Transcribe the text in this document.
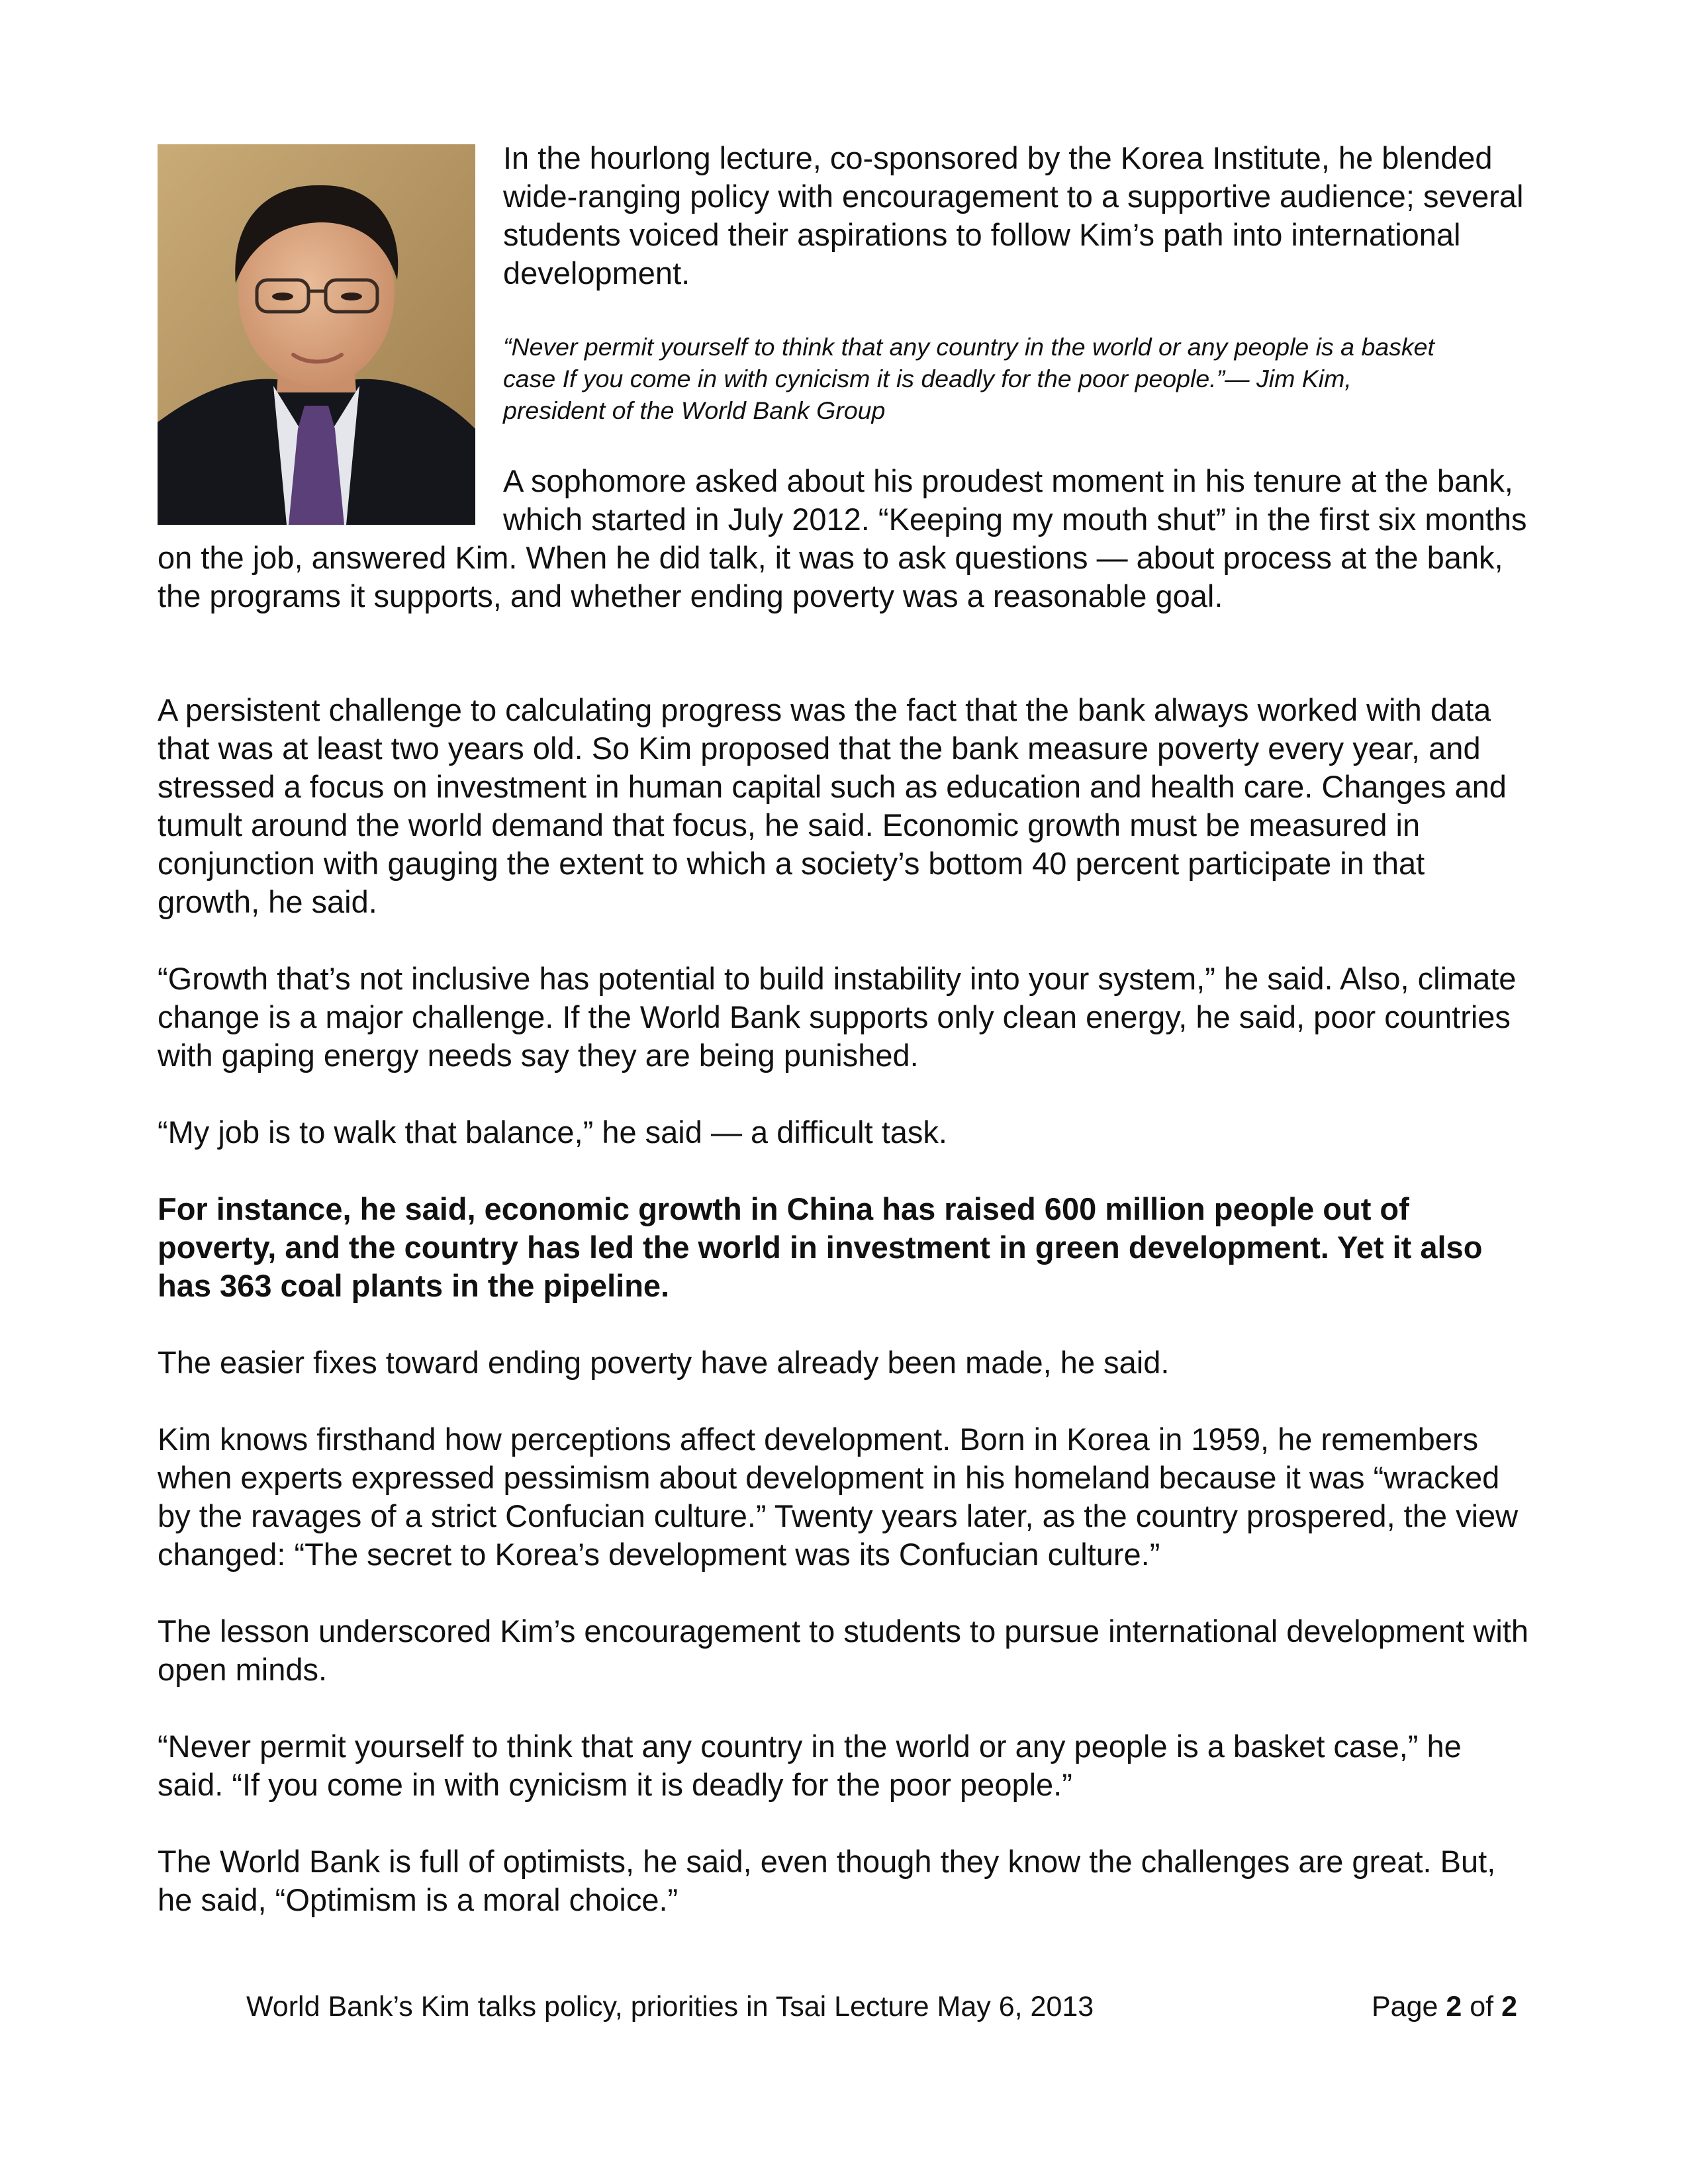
In the hourlong lecture, co-sponsored by the Korea Institute, he blended wide-ranging policy with encouragement to a supportive audience; several students voiced their aspirations to follow Kim’s path into international development.

“Never permit yourself to think that any country in the world or any people is a basket case If you come in with cynicism it is deadly for the poor people.”— Jim Kim, president of the World Bank Group

A sophomore asked about his proudest moment in his tenure at the bank, which started in July 2012. “Keeping my mouth shut” in the first six months on the job, answered Kim. When he did talk, it was to ask questions — about process at the bank, the programs it supports, and whether ending poverty was a reasonable goal.

A persistent challenge to calculating progress was the fact that the bank always worked with data that was at least two years old. So Kim proposed that the bank measure poverty every year, and stressed a focus on investment in human capital such as education and health care. Changes and tumult around the world demand that focus, he said. Economic growth must be measured in conjunction with gauging the extent to which a society’s bottom 40 percent participate in that growth, he said.

“Growth that’s not inclusive has potential to build instability into your system,” he said. Also, climate change is a major challenge. If the World Bank supports only clean energy, he said, poor countries with gaping energy needs say they are being punished.

“My job is to walk that balance,” he said — a difficult task.

For instance, he said, economic growth in China has raised 600 million people out of poverty, and the country has led the world in investment in green development. Yet it also has 363 coal plants in the pipeline.

The easier fixes toward ending poverty have already been made, he said.

Kim knows firsthand how perceptions affect development. Born in Korea in 1959, he remembers when experts expressed pessimism about development in his homeland because it was “wracked by the ravages of a strict Confucian culture.” Twenty years later, as the country prospered, the view changed: “The secret to Korea’s development was its Confucian culture.”

The lesson underscored Kim’s encouragement to students to pursue international development with open minds.

“Never permit yourself to think that any country in the world or any people is a basket case,” he said. “If you come in with cynicism it is deadly for the poor people.”

The World Bank is full of optimists, he said, even though they know the challenges are great. But, he said, “Optimism is a moral choice.”

World Bank’s Kim talks policy, priorities in Tsai Lecture May 6, 2013	Page 2 of 2
